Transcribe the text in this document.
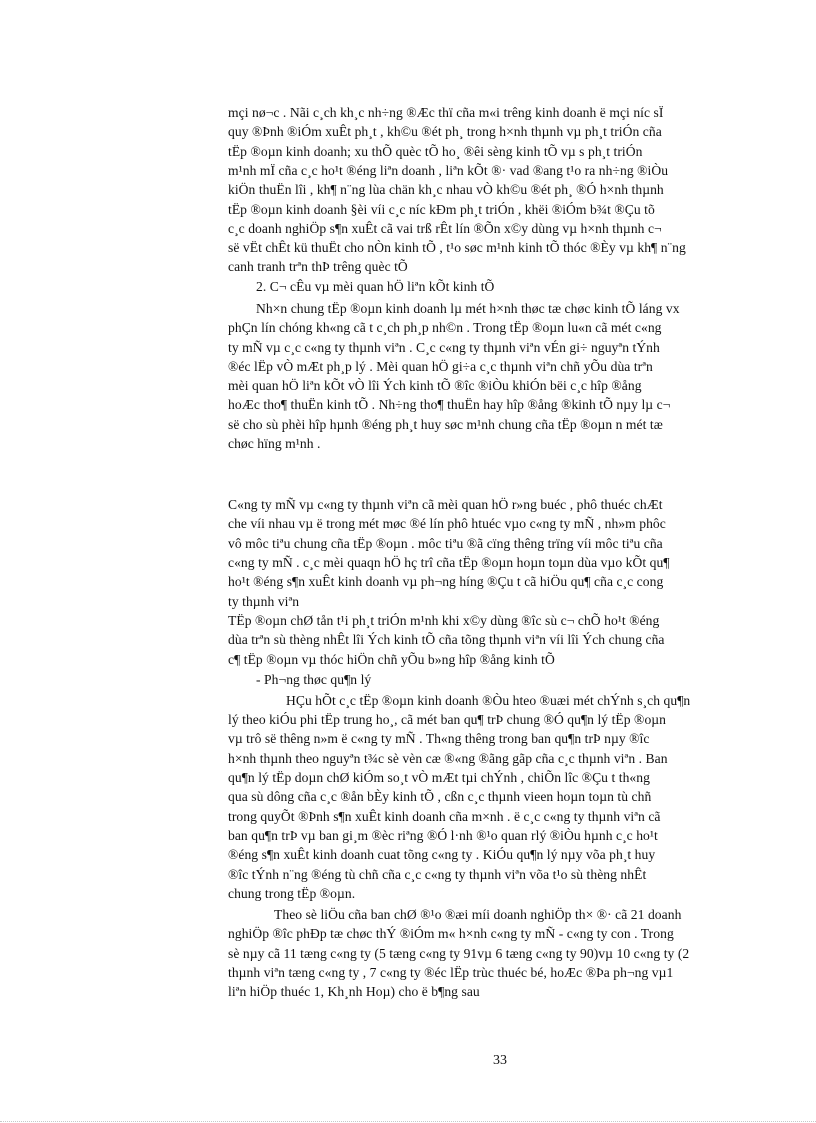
mçi nø¬c . Nãi c¸ch kh¸c nh÷ng ®Æc thï cña m«i trêng kinh doanh ë mçi níc sÏ
quy ®Þnh ®iÓm xuÊt ph¸t , kh©u ®ét ph¸ trong h×nh thµnh vµ ph¸t triÓn cña
tËp ®oµn kinh doanh; xu thÕ quèc tÕ ho¸ ®êi sèng kinh tÕ vµ s ph¸t triÓn
m¹nh mÏ cña c¸c ho¹t ®éng liªn doanh , liªn kÕt ®· vad ®ang t¹o ra nh÷ng ®iÒu
kiÖn thuËn lîi , kh¶ n¨ng lùa chän kh¸c nhau vÒ kh©u ®ét ph¸ ®Ó h×nh thµnh
tËp ®oµn kinh doanh §èi víi c¸c níc kÐm ph¸t triÓn , khëi ®iÓm b¾t ®Çu tõ
c¸c doanh nghiÖp s¶n xuÊt cã vai trß rÊt lín ®Õn x©y dùng vµ h×nh thµnh c¬
së vËt chÊt kü thuËt cho nÒn kinh tÕ , t¹o søc m¹nh kinh tÕ thóc ®Èy vµ kh¶ n¨ng
canh tranh trªn thÞ trêng quèc tÕ
2. C¬ cÊu vµ mèi quan hÖ liªn kÕt kinh tÕ
Nh×n chung tËp ®oµn kinh doanh lµ mét h×nh thøc tæ chøc kinh tÕ láng vx
phÇn lín chóng kh«ng cã t c¸ch ph¸p nh©n . Trong tËp ®oµn lu«n cã mét c«ng
ty mÑ vµ c¸c c«ng ty thµnh viªn . C¸c c«ng ty thµnh viªn vÉn gi÷ nguyªn tÝnh
®éc lËp vÒ mÆt ph¸p lý . Mèi quan hÖ gi÷a c¸c thµnh viªn chñ yÕu dùa trªn
mèi quan hÖ liªn kÕt vÒ lîi Ých kinh tÕ ®îc ®iÒu khiÓn bëi c¸c hîp ®ång
hoÆc tho¶ thuËn kinh tÕ . Nh÷ng tho¶ thuËn hay hîp ®ång ®kinh tÕ nµy lµ c¬
së cho sù phèi hîp hµnh ®éng ph¸t huy søc m¹nh chung cña tËp ®oµn n mét tæ
chøc hïng m¹nh .
C«ng ty mÑ vµ c«ng ty thµnh viªn cã mèi quan hÖ r»ng buéc , phô thuéc chÆt
che víi nhau vµ ë trong mét møc ®é lín phô htuéc vµo c«ng ty mÑ , nh»m phôc
vô môc tiªu chung cña tËp ®oµn . môc tiªu ®ã cïng thêng trïng víi môc tiªu cña
c«ng ty mÑ . c¸c mèi quaqn hÖ hç trî cña tËp ®oµn hoµn toµn dùa vµo kÕt qu¶
ho¹t ®éng s¶n xuÊt kinh doanh vµ ph¬ng híng ®Çu t cã hiÖu qu¶ cña c¸c cong
ty thµnh viªn
TËp ®oµn chØ tån t¹i ph¸t triÓn m¹nh khi x©y dùng ®îc sù c¬ chÕ ho¹t ®éng
dùa trªn sù thèng nhÊt lîi Ých kinh tÕ cña tõng thµnh viªn víi lîi Ých chung cña
c¶ tËp ®oµn vµ thóc hiÖn chñ yÕu b»ng hîp ®ång kinh tÕ
- Ph¬ng thøc qu¶n lý
HÇu hÕt c¸c tËp ®oµn kinh doanh ®Òu hteo ®uæi mét chÝnh s¸ch qu¶n
lý theo kiÓu phi tËp trung ho¸, cã mét ban qu¶ trÞ chung ®Ó qu¶n lý tËp ®oµn
vµ trô së thêng n»m ë c«ng ty mÑ . Th«ng thêng trong ban qu¶n trÞ nµy ®îc
h×nh thµnh theo nguyªn t¾c sè vèn cæ ®«ng ®ãng gãp cña c¸c thµnh viªn . Ban
qu¶n lý tËp doµn chØ kiÓm so¸t vÒ mÆt tµi chÝnh , chiÕn lîc ®Çu t th«ng
qua sù dông cña c¸c ®ån bÈy kinh tÕ , cßn c¸c thµnh vieen hoµn toµn tù chñ
trong quyÕt ®Þnh s¶n xuÊt kinh doanh cña m×nh . ë c¸c c«ng ty thµnh viªn cã
ban qu¶n trÞ vµ ban gi¸m ®èc riªng ®Ó l·nh ®¹o quan rlý ®iÒu hµnh c¸c ho¹t
®éng s¶n xuÊt kinh doanh cuat tõng c«ng ty . KiÓu qu¶n lý nµy võa ph¸t huy
®îc tÝnh n¨ng ®éng tù chñ cña c¸c c«ng ty thµnh viªn võa t¹o sù thèng nhÊt
chung trong tËp ®oµn.
Theo sè liÖu cña ban chØ ®¹o ®æi míi doanh nghiÖp th× ®· cã 21 doanh
nghiÖp ®îc phÐp tæ chøc thÝ ®iÓm m« h×nh c«ng ty mÑ - c«ng ty con . Trong
sè nµy cã 11 tæng c«ng ty (5 tæng c«ng ty 91vµ 6 tæng c«ng ty 90)vµ 10 c«ng ty (2
thµnh viªn tæng c«ng ty , 7 c«ng ty ®éc lËp trùc thuéc bé, hoÆc ®Þa ph¬ng vµ1
liªn hiÖp thuéc 1, Kh¸nh Hoµ) cho ë b¶ng sau
33
